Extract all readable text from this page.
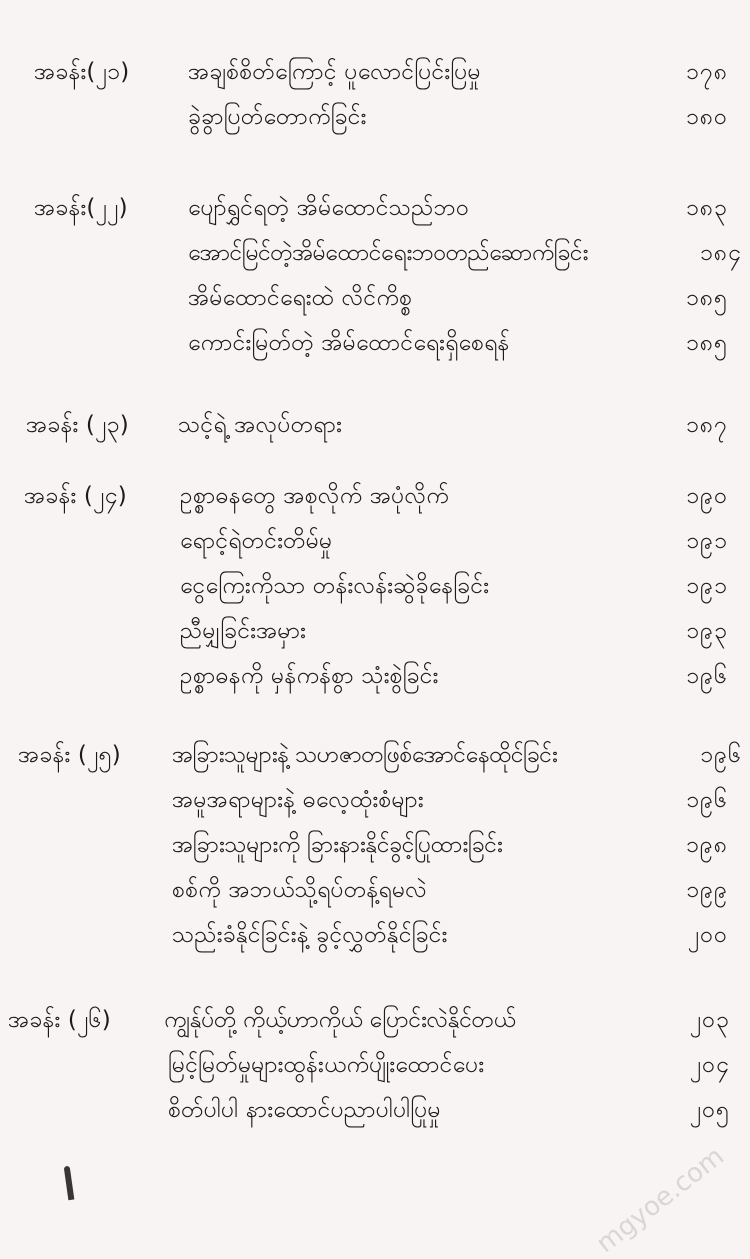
အခန်း(၂၁)	အချစ်စိတ်ကြောင့် ပူလောင်ပြင်းပြမှု	၁၇၈
ခွဲခွာပြတ်တောက်ခြင်း	၁၈၀
အခန်း(၂၂)	ပျော်ရွှင်ရတဲ့ အိမ်ထောင်သည်ဘဝ	၁၈၃
အောင်မြင်တဲ့အိမ်ထောင်ရေးဘဝတည်ဆောက်ခြင်း	၁၈၄
အိမ်ထောင်ရေးထဲ လိင်ကိစ္စ	၁၈၅
ကောင်းမြတ်တဲ့ အိမ်ထောင်ရေးရှိစေရန်	၁၈၅
အခန်း (၂၃) သင့်ရဲ့ အလုပ်တရား	၁၈၇
အခန်း (၂၄) ဥစ္စာဓနတွေ အစုလိုက် အပုံလိုက်	၁၉၀
ရောင့်ရဲတင်းတိမ်မှု	၁၉၁
ငွေကြေးကိုသာ တန်းလန်းဆွဲခိုနေခြင်း	၁၉၁
ညီမျှခြင်းအမှား	၁၉၃
ဥစ္စာဓနကို မှန်ကန်စွာ သုံးစွဲခြင်း	၁၉၆
အခန်း (၂၅) အခြားသူများနဲ့ သဟဇာတဖြစ်အောင်နေထိုင်ခြင်း	၁၉၆
အမူအရာများနဲ့ ဓလေ့ထုံးစံများ	၁၉၆
အခြားသူများကို ခြားနားနိုင်ခွင့်ပြုထားခြင်း	၁၉၈
စစ်ကို အဘယ်သို့ရပ်တန့်ရမလဲ	၁၉၉
သည်းခံနိုင်ခြင်းနဲ့ ခွင့်လွှတ်နိုင်ခြင်း	၂၀၀
အခန်း (၂၆) ကျွန်ုပ်တို့ ကိုယ့်ဟာကိုယ် ပြောင်းလဲနိုင်တယ်	၂၀၃
မြင့်မြတ်မှုများထွန်းယက်ပျိုးထောင်ပေး	၂၀၄
စိတ်ပါပါ နားထောင်ပညာပါပါပြုမှု	၂၀၅
mgyoe.com
